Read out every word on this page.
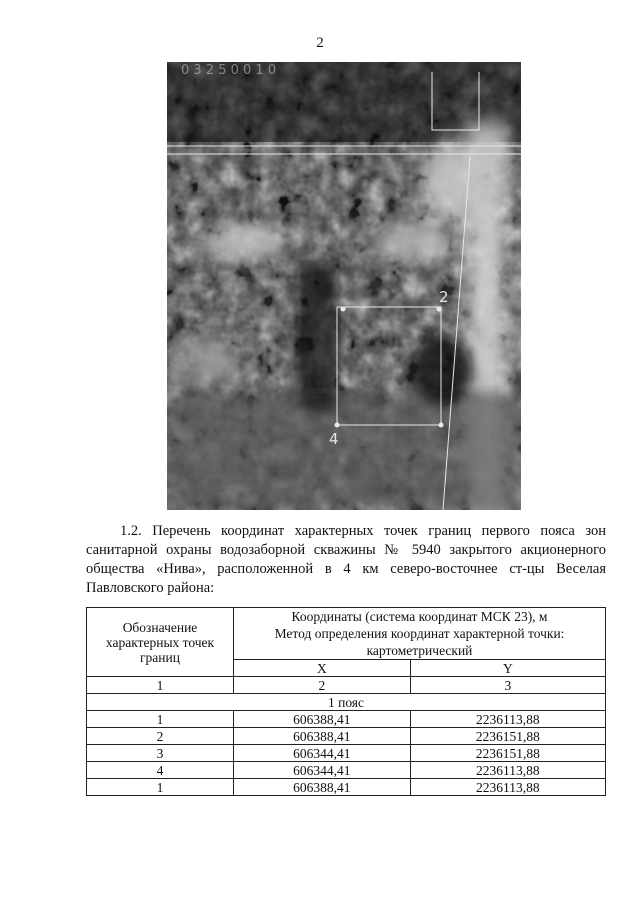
2
0 3 2 5 0 0 1 0
2
4
1.2. Перечень координат характерных точек границ первого пояса зон санитарной охраны водозаборной скважины № 5940 закрытого акционерного общества «Нива», расположенной в 4 км северо-восточнее ст-цы Веселая Павловского района:
Обозначение характерных точек границ	Координаты (система координат МСК 23), м
Метод определения координат характерной точки: картометрический	

	X	Y
1	2	3
1 пояс		
1	606388,41	2236113,88
2	606388,41	2236151,88
3	606344,41	2236151,88
4	606344,41	2236113,88
1	606388,41	2236113,88
